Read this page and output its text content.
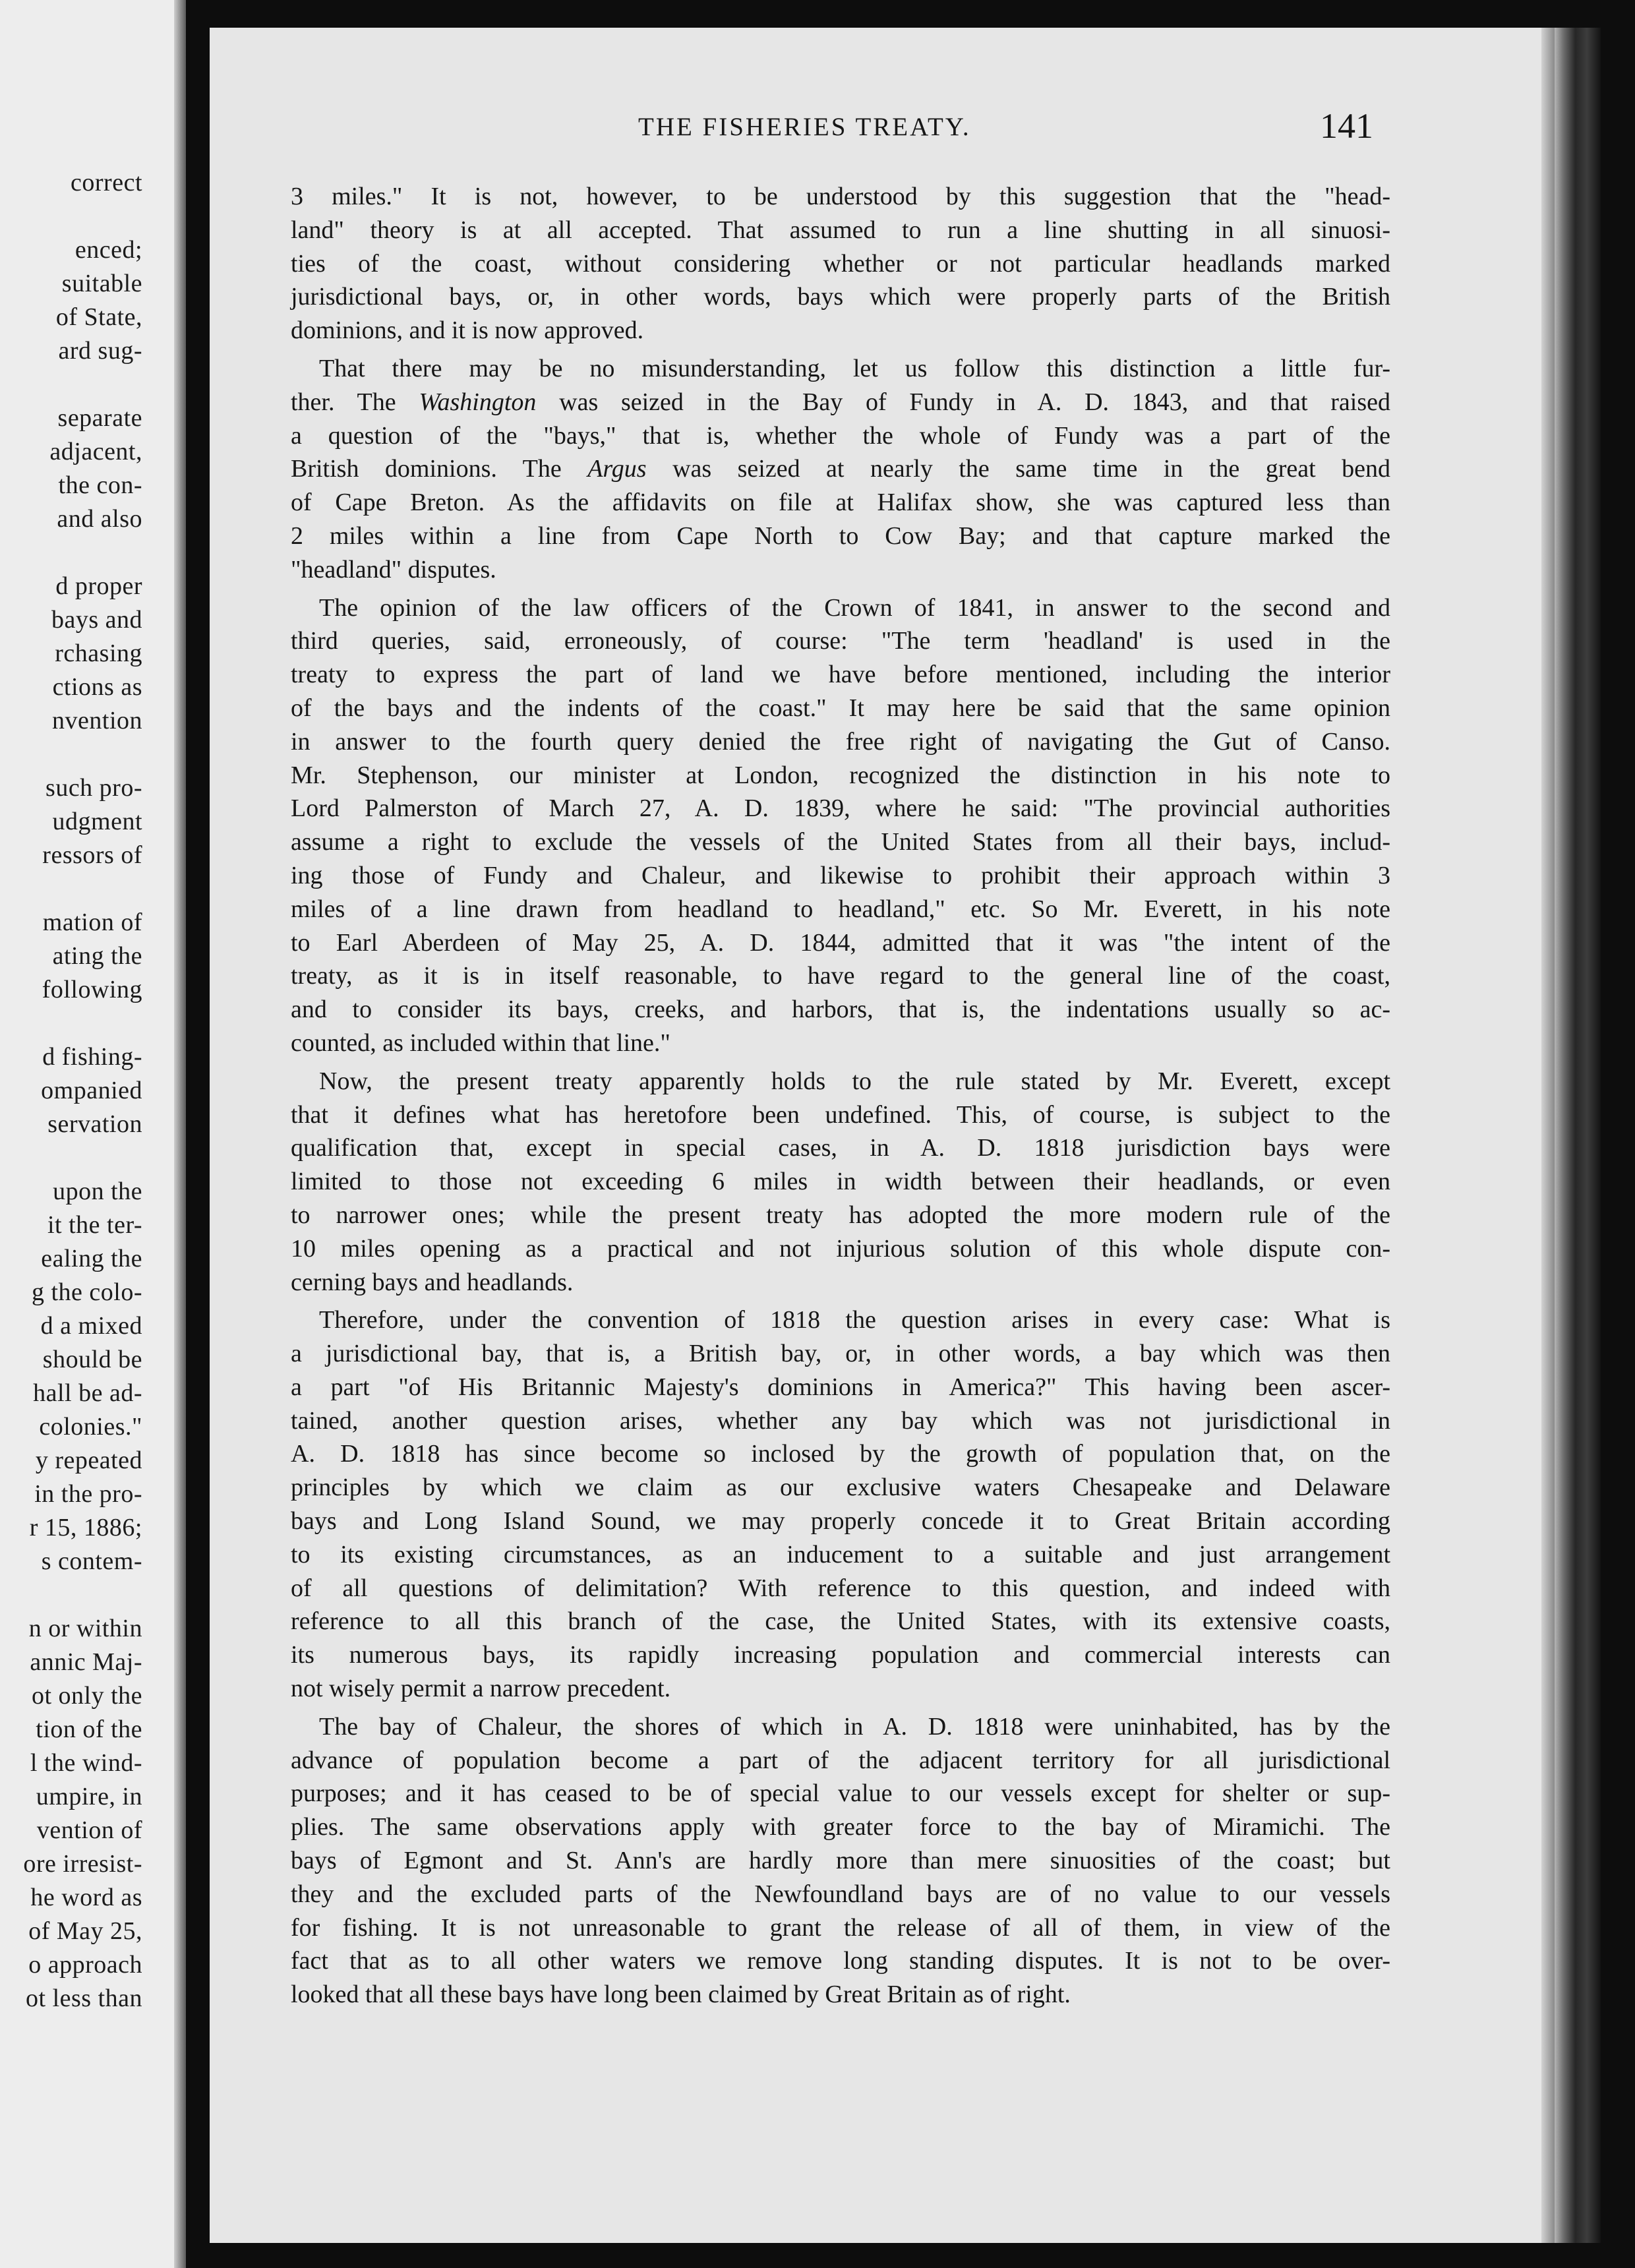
correct
enced;
suitable
of State,
ard sug-
separate
adjacent,
the con-
and also
d proper
bays and
rchasing
ctions as
nvention
such pro-
udgment
ressors of
mation of
ating the
following
d fishing-
ompanied
servation
upon the
it the ter-
ealing the
g the colo-
d a mixed
should be
hall be ad-
colonies."
y repeated
in the pro-
r 15, 1886;
s contem-
n or within
annic Maj-
ot only the
tion of the
l the wind-
umpire, in
vention of
ore irresist-
he word as
of May 25,
o approach
ot less than
THE FISHERIES TREATY.	141
3 miles." It is not, however, to be understood by this suggestion that the "head-
land" theory is at all accepted. That assumed to run a line shutting in all sinuosi-
ties of the coast, without considering whether or not particular headlands marked
jurisdictional bays, or, in other words, bays which were properly parts of the British
dominions, and it is now approved.
That there may be no misunderstanding, let us follow this distinction a little fur-
ther. The Washington was seized in the Bay of Fundy in A. D. 1843, and that raised
a question of the "bays," that is, whether the whole of Fundy was a part of the
British dominions. The Argus was seized at nearly the same time in the great bend
of Cape Breton. As the affidavits on file at Halifax show, she was captured less than
2 miles within a line from Cape North to Cow Bay; and that capture marked the
"headland" disputes.
The opinion of the law officers of the Crown of 1841, in answer to the second and
third queries, said, erroneously, of course: "The term 'headland' is used in the
treaty to express the part of land we have before mentioned, including the interior
of the bays and the indents of the coast." It may here be said that the same opinion
in answer to the fourth query denied the free right of navigating the Gut of Canso.
Mr. Stephenson, our minister at London, recognized the distinction in his note to
Lord Palmerston of March 27, A. D. 1839, where he said: "The provincial authorities
assume a right to exclude the vessels of the United States from all their bays, includ-
ing those of Fundy and Chaleur, and likewise to prohibit their approach within 3
miles of a line drawn from headland to headland," etc. So Mr. Everett, in his note
to Earl Aberdeen of May 25, A. D. 1844, admitted that it was "the intent of the
treaty, as it is in itself reasonable, to have regard to the general line of the coast,
and to consider its bays, creeks, and harbors, that is, the indentations usually so ac-
counted, as included within that line."
Now, the present treaty apparently holds to the rule stated by Mr. Everett, except
that it defines what has heretofore been undefined. This, of course, is subject to the
qualification that, except in special cases, in A. D. 1818 jurisdiction bays were
limited to those not exceeding 6 miles in width between their headlands, or even
to narrower ones; while the present treaty has adopted the more modern rule of the
10 miles opening as a practical and not injurious solution of this whole dispute con-
cerning bays and headlands.
Therefore, under the convention of 1818 the question arises in every case: What is
a jurisdictional bay, that is, a British bay, or, in other words, a bay which was then
a part "of His Britannic Majesty's dominions in America?" This having been ascer-
tained, another question arises, whether any bay which was not jurisdictional in
A. D. 1818 has since become so inclosed by the growth of population that, on the
principles by which we claim as our exclusive waters Chesapeake and Delaware
bays and Long Island Sound, we may properly concede it to Great Britain according
to its existing circumstances, as an inducement to a suitable and just arrangement
of all questions of delimitation? With reference to this question, and indeed with
reference to all this branch of the case, the United States, with its extensive coasts,
its numerous bays, its rapidly increasing population and commercial interests can
not wisely permit a narrow precedent.
The bay of Chaleur, the shores of which in A. D. 1818 were uninhabited, has by the
advance of population become a part of the adjacent territory for all jurisdictional
purposes; and it has ceased to be of special value to our vessels except for shelter or sup-
plies. The same observations apply with greater force to the bay of Miramichi. The
bays of Egmont and St. Ann's are hardly more than mere sinuosities of the coast; but
they and the excluded parts of the Newfoundland bays are of no value to our vessels
for fishing. It is not unreasonable to grant the release of all of them, in view of the
fact that as to all other waters we remove long standing disputes. It is not to be over-
looked that all these bays have long been claimed by Great Britain as of right.
